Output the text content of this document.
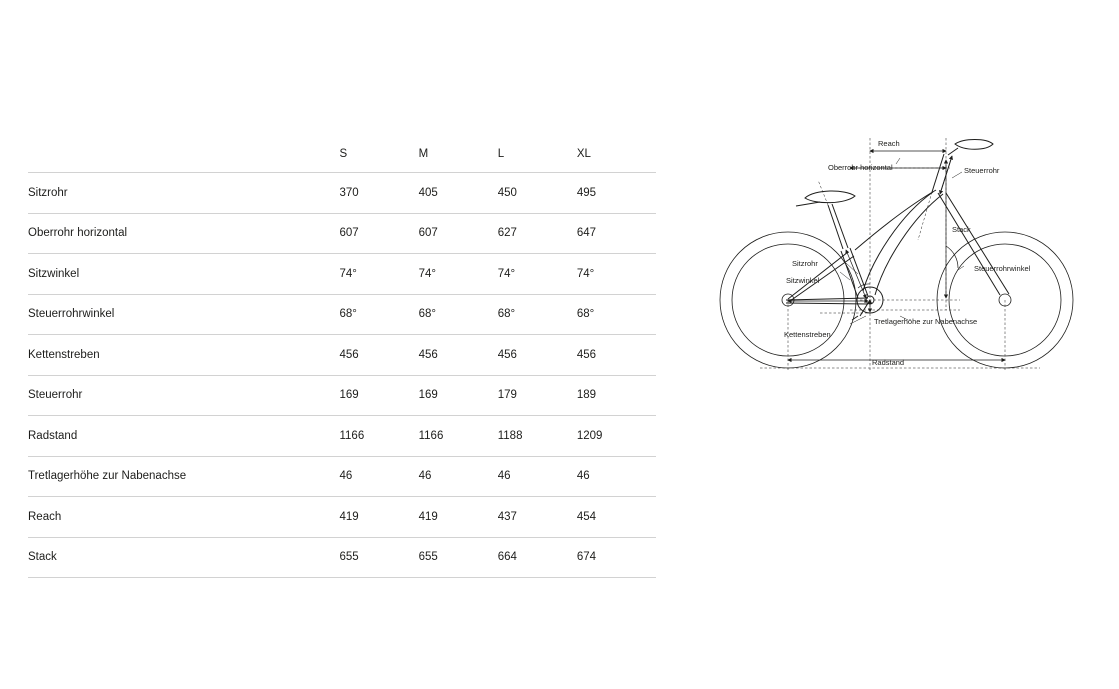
	S	M	L	XL
Sitzrohr	370	405	450	495
Oberrohr horizontal	607	607	627	647
Sitzwinkel	74°	74°	74°	74°
Steuerrohrwinkel	68°	68°	68°	68°
Kettenstreben	456	456	456	456
Steuerrohr	169	169	179	189
Radstand	1166	1166	1188	1209
Tretlagerhöhe zur Nabenachse	46	46	46	46
Reach	419	419	437	454
Stack	655	655	664	674
Reach
Oberrohr horizontal	Steuerrohr
Stack
Sitzrohr
Sitzwinkel
Steuerrohrwinkel
Tretlagerhöhe zur Nabenachse
Kettenstreben
Radstand
